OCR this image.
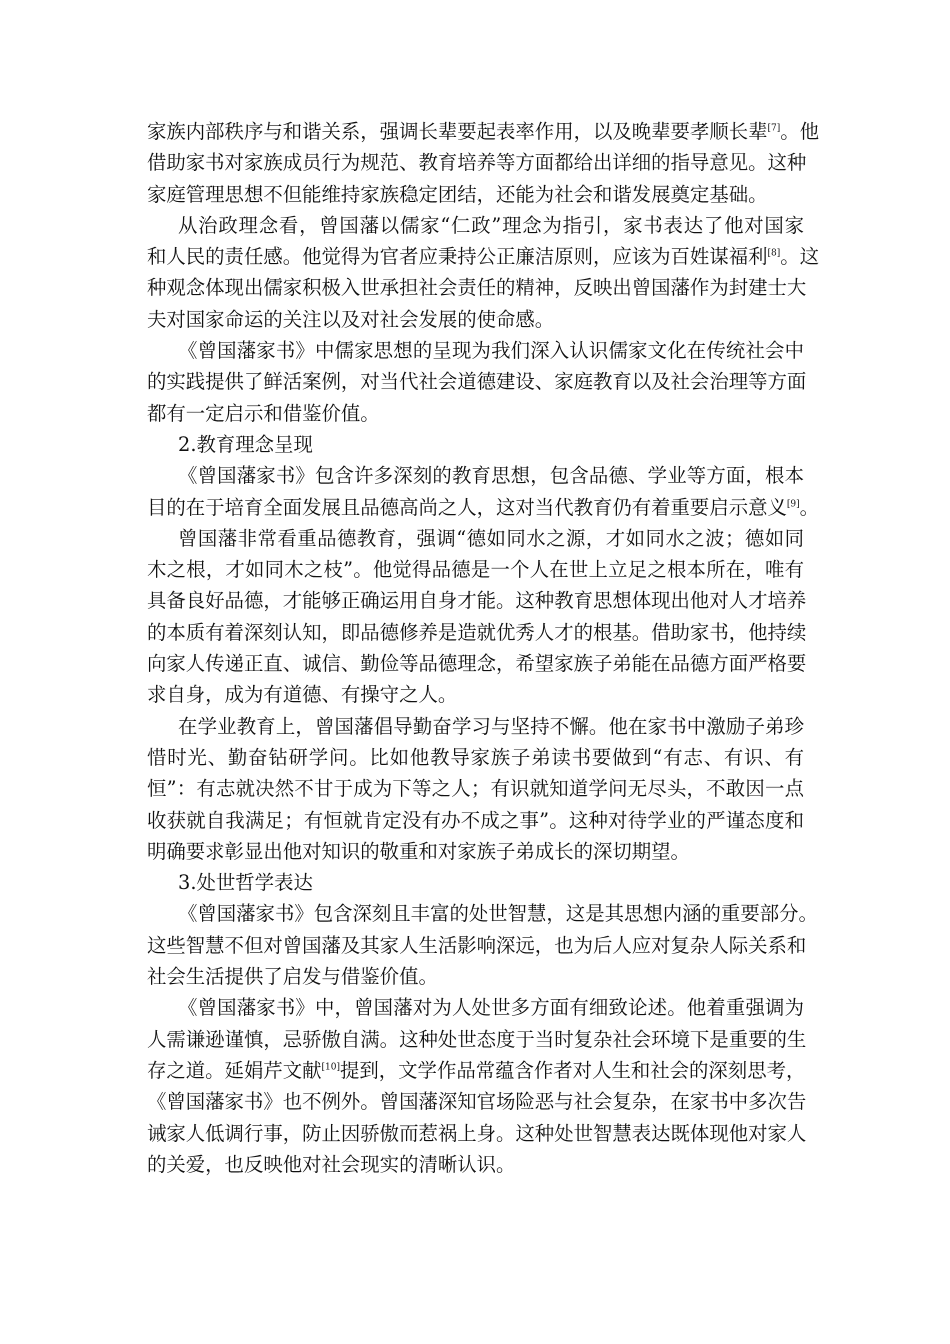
家族内部秩序与和谐关系，强调长辈要起表率作用，以及晚辈要孝顺长辈[7]。他
借助家书对家族成员行为规范、教育培养等方面都给出详细的指导意见。这种
家庭管理思想不但能维持家族稳定团结，还能为社会和谐发展奠定基础。
从治政理念看，曾国藩以儒家“仁政”理念为指引，家书表达了他对国家
和人民的责任感。他觉得为官者应秉持公正廉洁原则，应该为百姓谋福利[8]。这
种观念体现出儒家积极入世承担社会责任的精神，反映出曾国藩作为封建士大
夫对国家命运的关注以及对社会发展的使命感。
《曾国藩家书》中儒家思想的呈现为我们深入认识儒家文化在传统社会中
的实践提供了鲜活案例，对当代社会道德建设、家庭教育以及社会治理等方面
都有一定启示和借鉴价值。
2.教育理念呈现
《曾国藩家书》包含许多深刻的教育思想，包含品德、学业等方面，根本
目的在于培育全面发展且品德高尚之人，这对当代教育仍有着重要启示意义[9]。
曾国藩非常看重品德教育，强调“德如同水之源，才如同水之波；德如同
木之根，才如同木之枝”。他觉得品德是一个人在世上立足之根本所在，唯有
具备良好品德，才能够正确运用自身才能。这种教育思想体现出他对人才培养
的本质有着深刻认知，即品德修养是造就优秀人才的根基。借助家书，他持续
向家人传递正直、诚信、勤俭等品德理念，希望家族子弟能在品德方面严格要
求自身，成为有道德、有操守之人。
在学业教育上，曾国藩倡导勤奋学习与坚持不懈。他在家书中激励子弟珍
惜时光、勤奋钻研学问。比如他教导家族子弟读书要做到“有志、有识、有
恒”：有志就决然不甘于成为下等之人；有识就知道学问无尽头，不敢因一点
收获就自我满足；有恒就肯定没有办不成之事”。这种对待学业的严谨态度和
明确要求彰显出他对知识的敬重和对家族子弟成长的深切期望。
3.处世哲学表达
《曾国藩家书》包含深刻且丰富的处世智慧，这是其思想内涵的重要部分。
这些智慧不但对曾国藩及其家人生活影响深远，也为后人应对复杂人际关系和
社会生活提供了启发与借鉴价值。
《曾国藩家书》中，曾国藩对为人处世多方面有细致论述。他着重强调为
人需谦逊谨慎，忌骄傲自满。这种处世态度于当时复杂社会环境下是重要的生
存之道。延娟芹文献[10]提到，文学作品常蕴含作者对人生和社会的深刻思考，
《曾国藩家书》也不例外。曾国藩深知官场险恶与社会复杂，在家书中多次告
诫家人低调行事，防止因骄傲而惹祸上身。这种处世智慧表达既体现他对家人
的关爱，也反映他对社会现实的清晰认识。
